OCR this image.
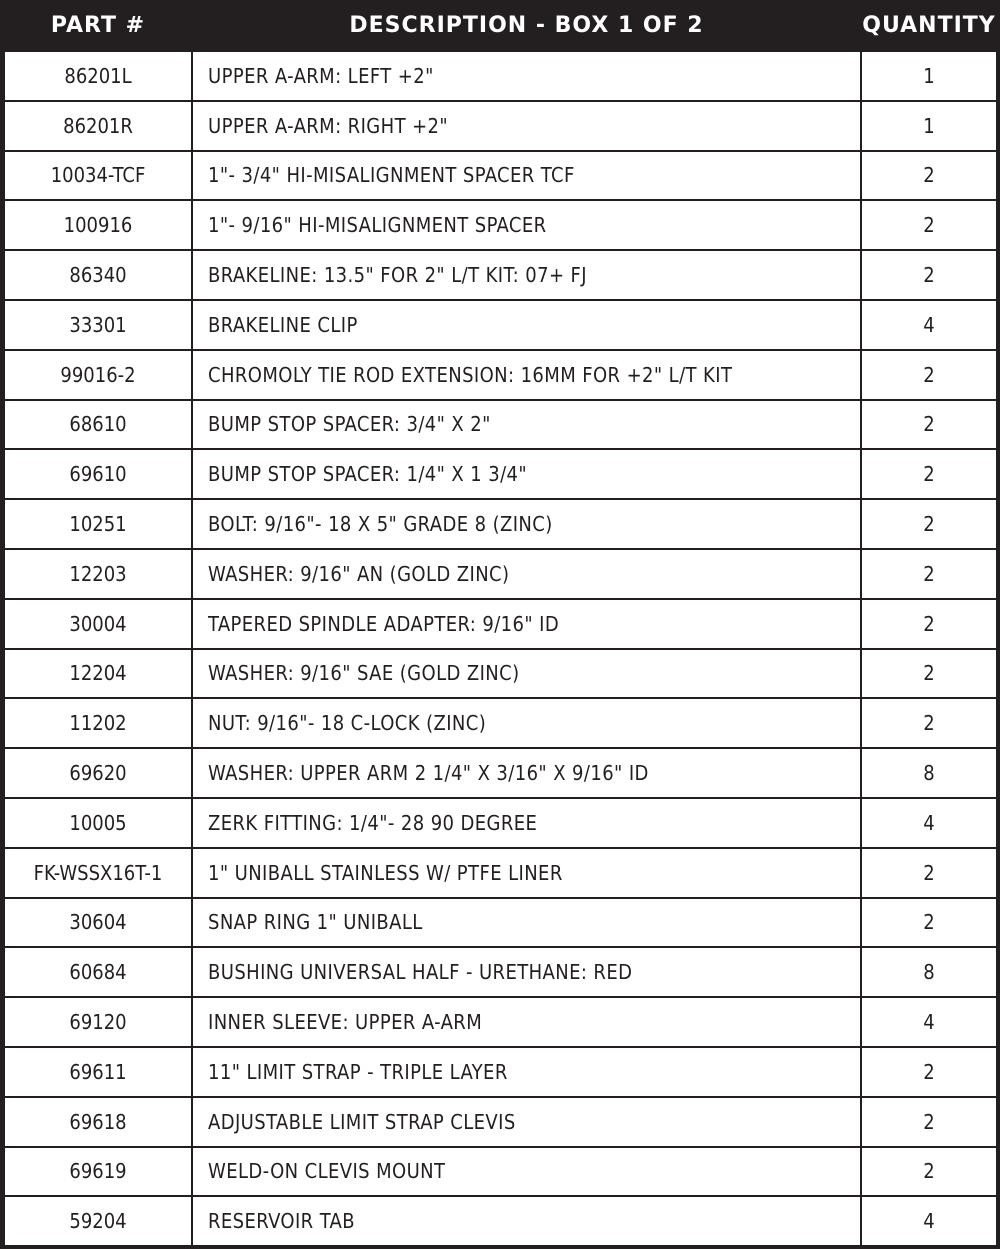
PART #	DESCRIPTION - BOX 1 OF 2	QUANTITY
86201L	UPPER A-ARM: LEFT +2"	1
86201R	UPPER A-ARM: RIGHT +2"	1
10034-TCF	1"- 3/4" HI-MISALIGNMENT SPACER TCF	2
100916	1"- 9/16" HI-MISALIGNMENT SPACER	2
86340	BRAKELINE: 13.5" FOR 2" L/T KIT: 07+ FJ	2
33301	BRAKELINE CLIP	4
99016-2	CHROMOLY TIE ROD EXTENSION: 16MM FOR +2" L/T KIT	2
68610	BUMP STOP SPACER: 3/4" X 2"	2
69610	BUMP STOP SPACER: 1/4" X 1 3/4"	2
10251	BOLT: 9/16"- 18 X 5" GRADE 8 (ZINC)	2
12203	WASHER: 9/16" AN (GOLD ZINC)	2
30004	TAPERED SPINDLE ADAPTER: 9/16" ID	2
12204	WASHER: 9/16" SAE (GOLD ZINC)	2
11202	NUT: 9/16"- 18 C-LOCK (ZINC)	2
69620	WASHER: UPPER ARM 2 1/4" X 3/16" X 9/16" ID	8
10005	ZERK FITTING: 1/4"- 28 90 DEGREE	4
FK-WSSX16T-1	1" UNIBALL STAINLESS W/ PTFE LINER	2
30604	SNAP RING 1" UNIBALL	2
60684	BUSHING UNIVERSAL HALF - URETHANE: RED	8
69120	INNER SLEEVE: UPPER A-ARM	4
69611	11" LIMIT STRAP - TRIPLE LAYER	2
69618	ADJUSTABLE LIMIT STRAP CLEVIS	2
69619	WELD-ON CLEVIS MOUNT	2
59204	RESERVOIR TAB	4
